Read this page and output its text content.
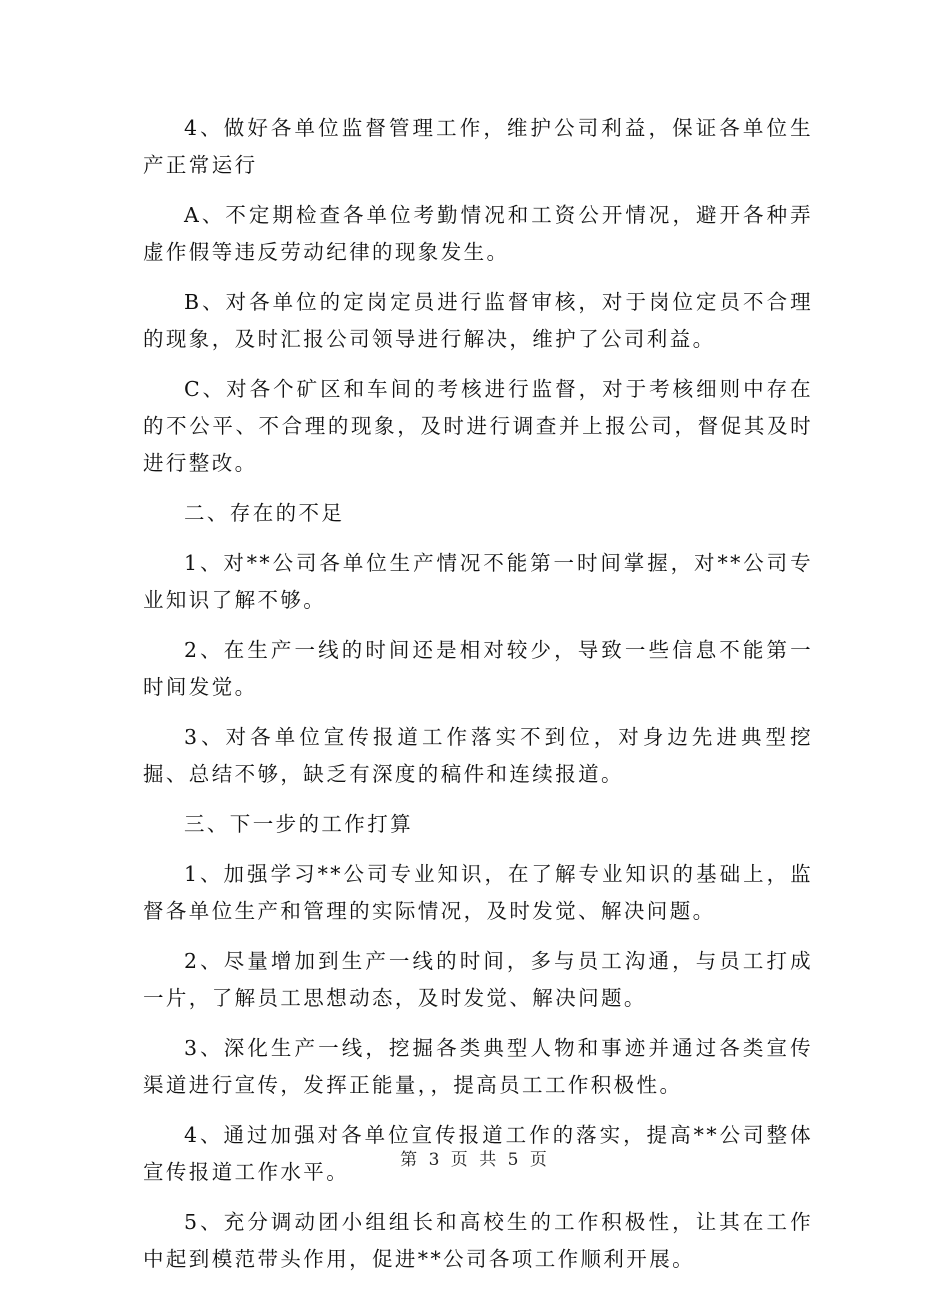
4、做好各单位监督管理工作，维护公司利益，保证各单位生产正常运行

A、不定期检查各单位考勤情况和工资公开情况，避开各种弄虚作假等违反劳动纪律的现象发生。

B、对各单位的定岗定员进行监督审核，对于岗位定员不合理的现象，及时汇报公司领导进行解决，维护了公司利益。

C、对各个矿区和车间的考核进行监督，对于考核细则中存在的不公平、不合理的现象，及时进行调查并上报公司，督促其及时进行整改。

二、存在的不足

1、对**公司各单位生产情况不能第一时间掌握，对**公司专业知识了解不够。

2、在生产一线的时间还是相对较少，导致一些信息不能第一时间发觉。

3、对各单位宣传报道工作落实不到位，对身边先进典型挖掘、总结不够，缺乏有深度的稿件和连续报道。

三、下一步的工作打算

1、加强学习**公司专业知识，在了解专业知识的基础上，监督各单位生产和管理的实际情况，及时发觉、解决问题。

2、尽量增加到生产一线的时间，多与员工沟通，与员工打成一片，了解员工思想动态，及时发觉、解决问题。

3、深化生产一线，挖掘各类典型人物和事迹并通过各类宣传渠道进行宣传，发挥正能量，，提高员工工作积极性。

4、通过加强对各单位宣传报道工作的落实，提高**公司整体宣传报道工作水平。

5、充分调动团小组组长和高校生的工作积极性，让其在工作中起到模范带头作用，促进**公司各项工作顺利开展。

第 3 页 共 5 页
